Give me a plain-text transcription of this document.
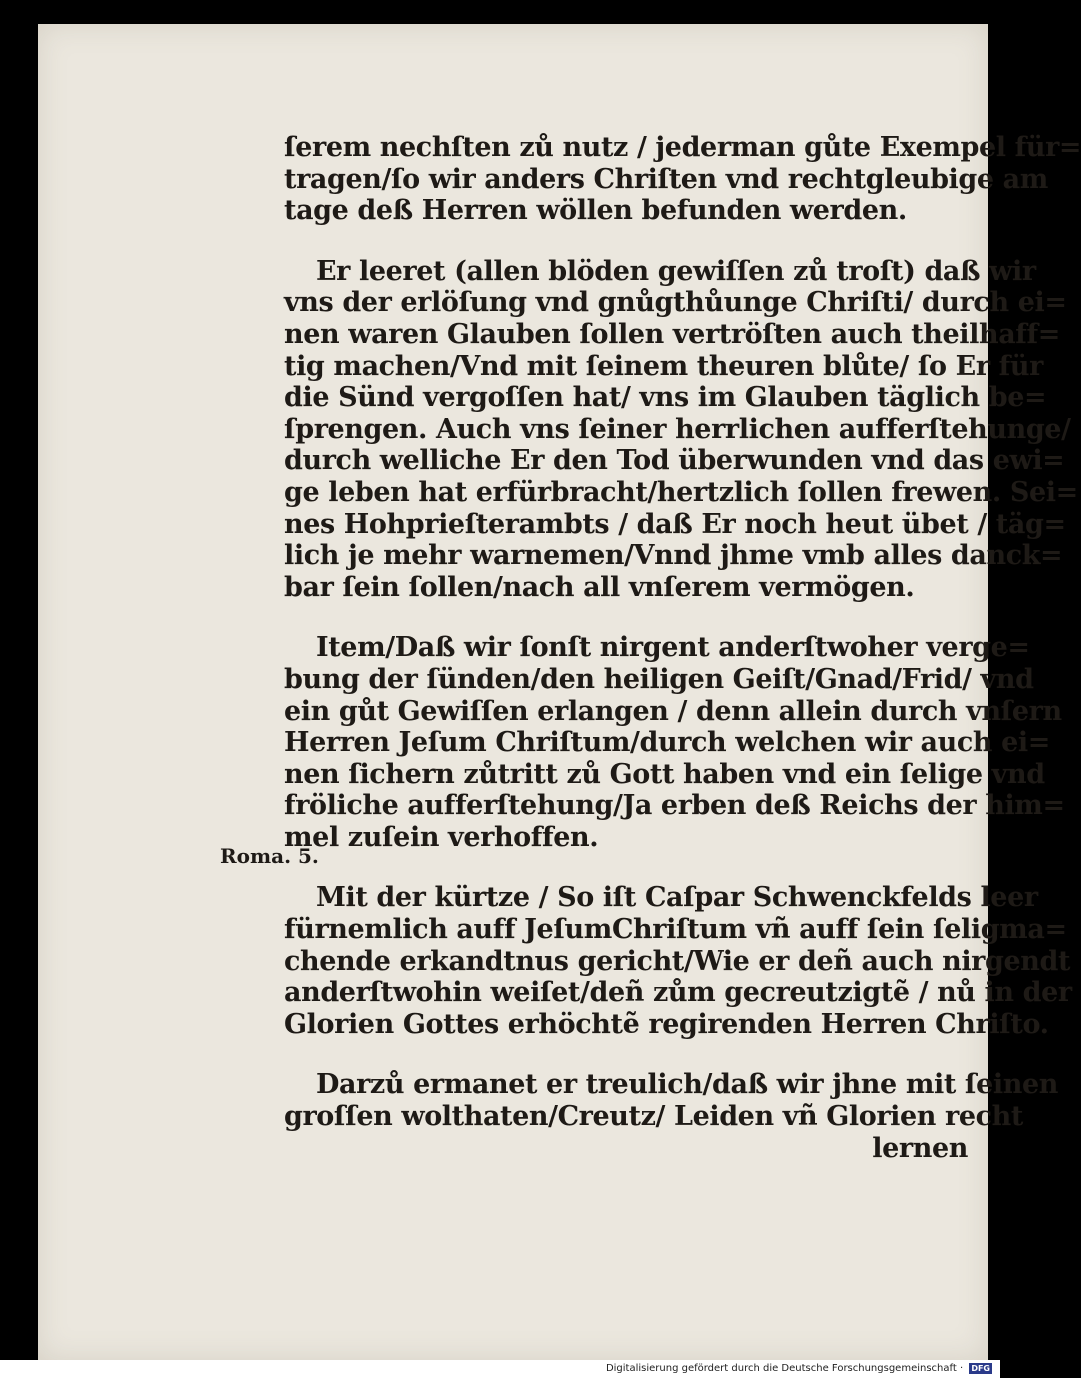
ſerem nechſten zů nutz / jederman gůte Exempel für=
tragen/ſo wir anders Chriſten vnd rechtgleubige am
tage deß Herren wöllen befunden werden.
Er leeret (allen blöden gewiſſen zů troſt) daß wir
vns der erlöſung vnd gnůgthůunge Chriſti/ durch ei=
nen waren Glauben ſollen vertröſten auch theilhaff=
tig machen/Vnd mit ſeinem theuren blůte/ ſo Er für
die Sünd vergoſſen hat/ vns im Glauben täglich be=
ſprengen. Auch vns ſeiner herrlichen aufferſtehunge/
durch welliche Er den Tod überwunden vnd das ewi=
ge leben hat erfürbracht/hertzlich ſollen frewen. Sei=
nes Hohprieſterambts / daß Er noch heut übet / täg=
lich je mehr warnemen/Vnnd jhme vmb alles danck=
bar ſein ſollen/nach all vnſerem vermögen.
Item/Daß wir ſonſt nirgent anderſtwoher verge=
bung der ſünden/den heiligen Geiſt/Gnad/Frid/ vnd
ein gůt Gewiſſen erlangen / denn allein durch vnſern
Herren Jeſum Chriſtum/durch welchen wir auch ei=
nen ſichern zůtritt zů Gott haben vnd ein ſelige vnd
fröliche aufferſtehung/Ja erben deß Reichs der him=
mel zuſein verhoffen.
Mit der kürtze / So iſt Caſpar Schwenckfelds leer
fürnemlich auff JeſumChriſtum vñ auff ſein ſeligma=
chende erkandtnus gericht/Wie er deñ auch nirgendt
anderſtwohin weiſet/deñ zům gecreutzigtẽ / nů in der
Glorien Gottes erhöchtẽ regirenden Herren Chriſto.
Darzů ermanet er treulich/daß wir jhne mit ſeinen
groſſen wolthaten/Creutz/ Leiden vñ Glorien recht
lernen
Roma. 5.
Digitalisierung gefördert durch die Deutsche Forschungsgemeinschaft · DFG
